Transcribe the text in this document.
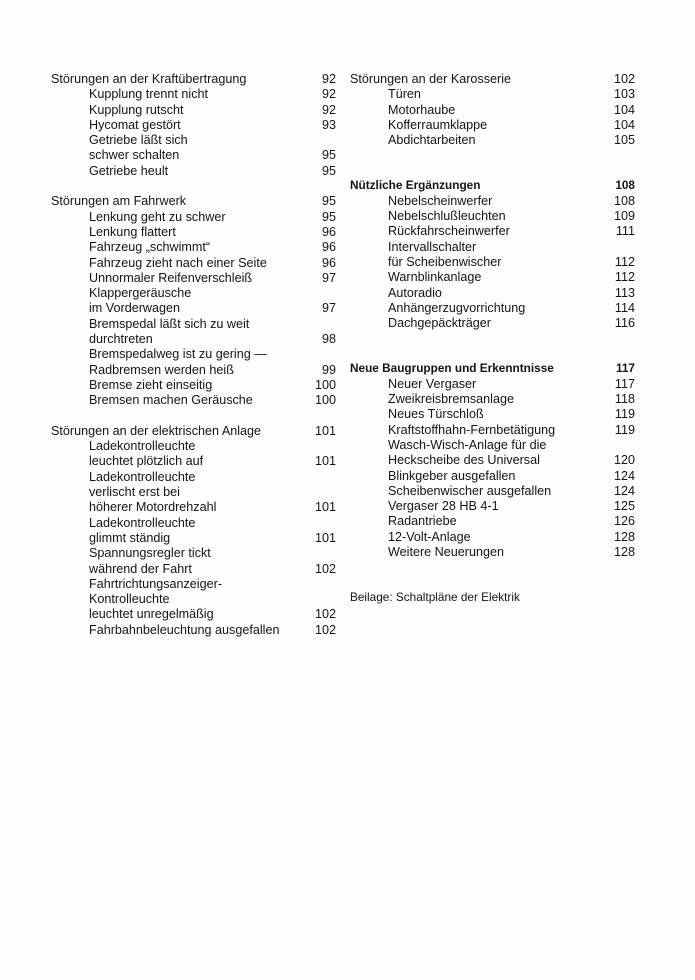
Störungen an der Kraftübertragung	92
Kupplung trennt nicht	92
Kupplung rutscht	92
Hycomat gestört	93
Getriebe läßt sich
schwer schalten	95
Getriebe heult	95
Störungen am Fahrwerk	95
Lenkung geht zu schwer	95
Lenkung flattert	96
Fahrzeug „schwimmt“	96
Fahrzeug zieht nach einer Seite	96
Unnormaler Reifenverschleiß	97
Klappergeräusche
im Vorderwagen	97
Bremspedal läßt sich zu weit
durchtreten	98
Bremspedalweg ist zu gering —
Radbremsen werden heiß	99
Bremse zieht einseitig	100
Bremsen machen Geräusche	100
Störungen an der elektrischen Anlage	101
Ladekontrolleuchte
leuchtet plötzlich auf	101
Ladekontrolleuchte
verlischt erst bei
höherer Motordrehzahl	101
Ladekontrolleuchte
glimmt ständig	101
Spannungsregler tickt
während der Fahrt	102
Fahrtrichtungsanzeiger-
Kontrolleuchte
leuchtet unregelmäßig	102
Fahrbahnbeleuchtung ausgefallen	102
Störungen an der Karosserie	102
Türen	103
Motorhaube	104
Kofferraumklappe	104
Abdichtarbeiten	105
Nützliche Ergänzungen	108
Nebelscheinwerfer	108
Nebelschlußleuchten	109
Rückfahrscheinwerfer	111
Intervallschalter
für Scheibenwischer	112
Warnblinkanlage	112
Autoradio	113
Anhängerzugvorrichtung	114
Dachgepäckträger	116
Neue Baugruppen und Erkenntnisse	117
Neuer Vergaser	117
Zweikreisbremsanlage	118
Neues Türschloß	119
Kraftstoffhahn-Fernbetätigung	119
Wasch-Wisch-Anlage für die
Heckscheibe des Universal	120
Blinkgeber ausgefallen	124
Scheibenwischer ausgefallen	124
Vergaser 28 HB 4-1	125
Radantriebe	126
12-Volt-Anlage	128
Weitere Neuerungen	128
Beilage: Schaltpläne der Elektrik
